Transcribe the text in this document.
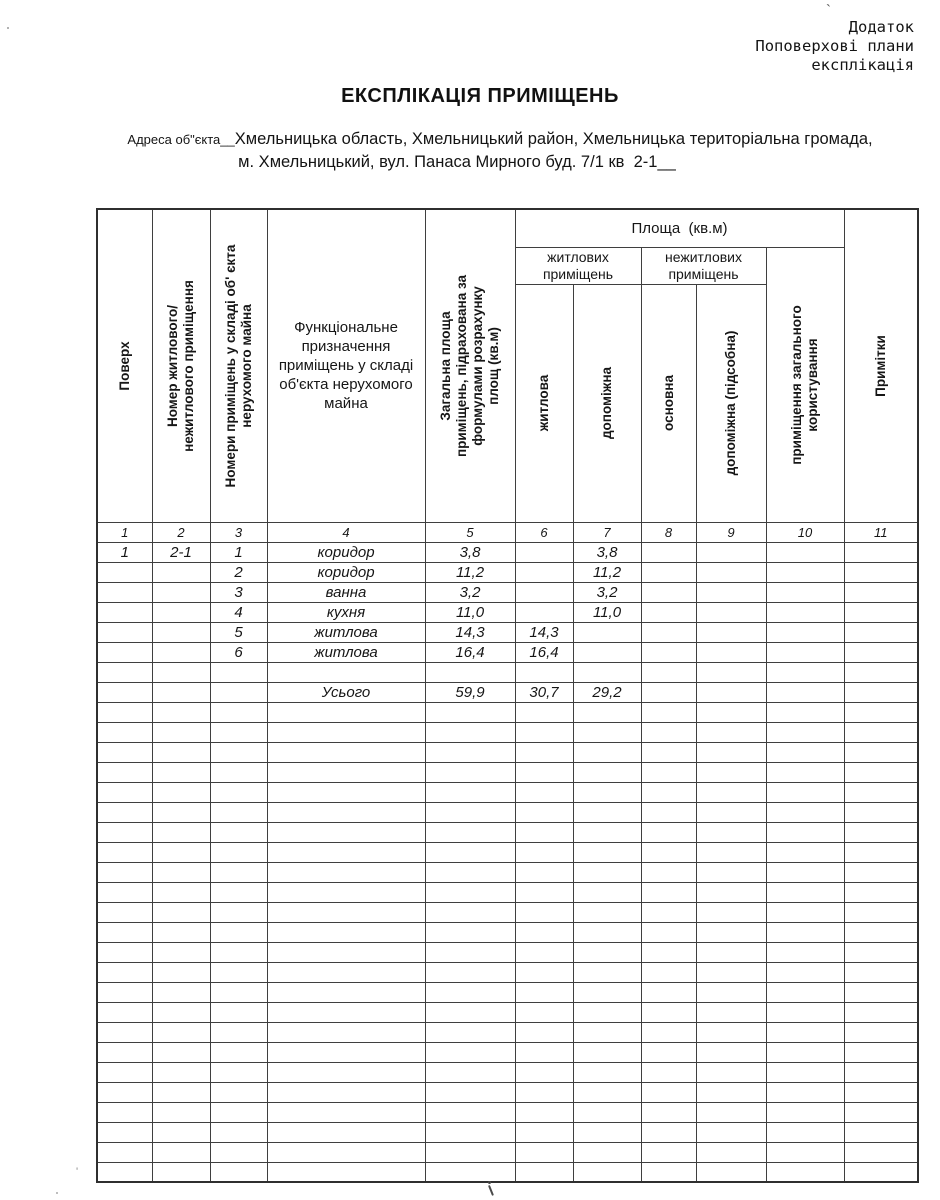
`
Додаток
Поповерхові плани
експлікація
ЕКСПЛІКАЦІЯ ПРИМІЩЕНЬ
Адреса об"єкта__Хмельницька область, Хмельницький район, Хмельницька територіальна громада,
м. Хмельницький, вул. Панаса Мирного буд. 7/1 кв  2-1__
Поверх	Номер житлового/ нежитлового приміщення	Номери приміщень у складі об' єкта нерухомого майна	Функціональне призначення приміщень у складі об'єкта нерухомого майна	Загальна площа приміщень, підрахована за формулами розрахунку площ (кв.м)	Площа  (кв.м)					Примітки

					житлових приміщень		нежитлових приміщень		приміщення загального користування	

					житлова	допоміжна	основна	допоміжна (підсобна)		

1	2	3	4	5	6	7	8	9	10	11
1	2-1	1	коридор	3,8		3,8				
		2	коридор	11,2		11,2				
		3	ванна	3,2		3,2				
		4	кухня	11,0		11,0				
		5	житлова	14,3	14,3					
		6	житлова	16,4	16,4					

			Усього	59,9	30,7	29,2				

'
